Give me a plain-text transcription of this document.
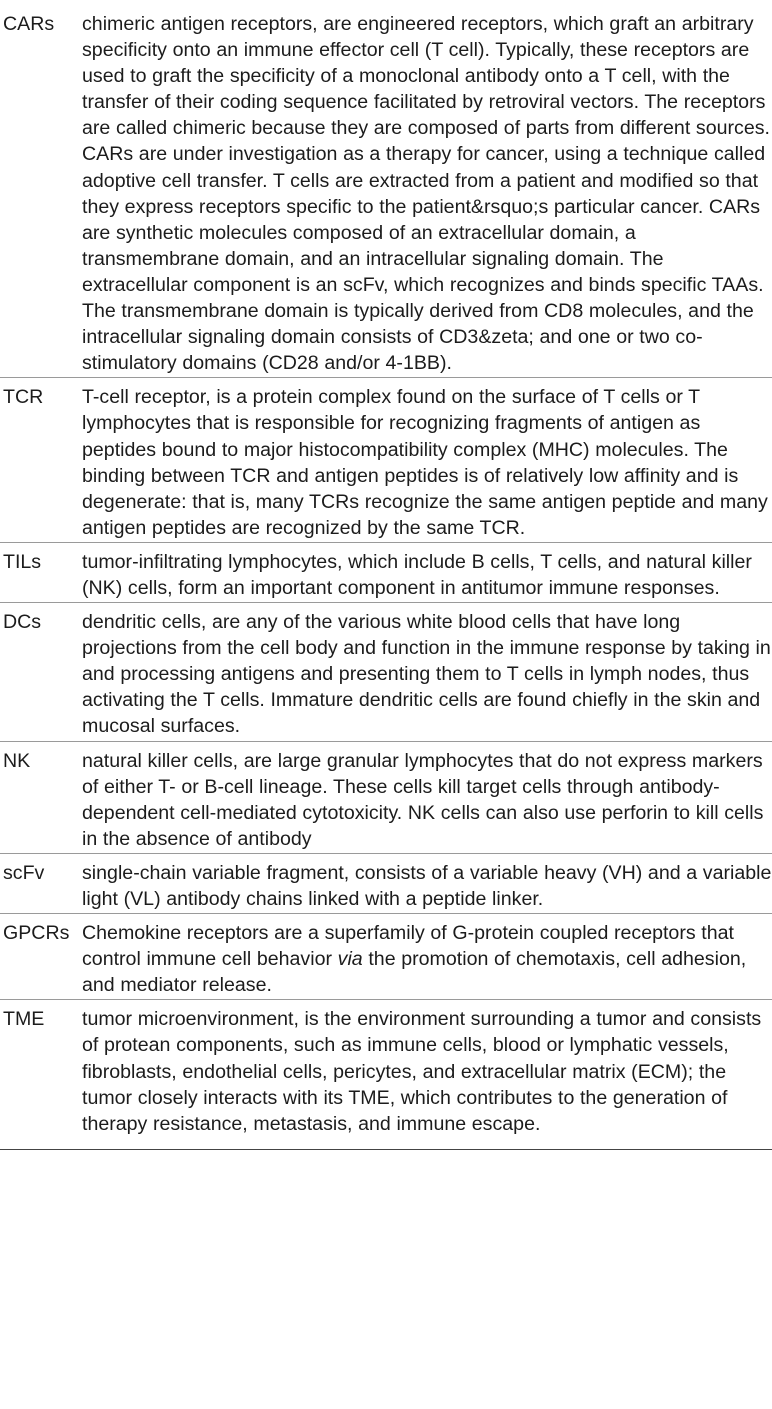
CARs	chimeric antigen receptors, are engineered receptors, which graft an arbitrary specificity onto an immune effector cell (T cell). Typically, these receptors are used to graft the specificity of a monoclonal antibody onto a T cell, with the transfer of their coding sequence facilitated by retroviral vectors. The receptors are called chimeric because they are composed of parts from different sources. CARs are under investigation as a therapy for cancer, using a technique called adoptive cell transfer. T cells are extracted from a patient and modified so that they express receptors specific to the patient&rsquo;s particular cancer. CARs are synthetic molecules composed of an extracellular domain, a transmembrane domain, and an intracellular signaling domain. The extracellular component is an scFv, which recognizes and binds specific TAAs. The transmembrane domain is typically derived from CD8 molecules, and the intracellular signaling domain consists of CD3&zeta; and one or two co-stimulatory domains (CD28 and/or 4-1BB).
TCR	T-cell receptor, is a protein complex found on the surface of T cells or T lymphocytes that is responsible for recognizing fragments of antigen as peptides bound to major histocompatibility complex (MHC) molecules. The binding between TCR and antigen peptides is of relatively low affinity and is degenerate: that is, many TCRs recognize the same antigen peptide and many antigen peptides are recognized by the same TCR.
TILs	tumor-infiltrating lymphocytes, which include B cells, T cells, and natural killer (NK) cells, form an important component in antitumor immune responses.
DCs	dendritic cells, are any of the various white blood cells that have long projections from the cell body and function in the immune response by taking in and processing antigens and presenting them to T cells in lymph nodes, thus activating the T cells. Immature dendritic cells are found chiefly in the skin and mucosal surfaces.
NK	natural killer cells, are large granular lymphocytes that do not express markers of either T- or B-cell lineage. These cells kill target cells through antibody-dependent cell-mediated cytotoxicity. NK cells can also use perforin to kill cells in the absence of antibody
scFv	single-chain variable fragment, consists of a variable heavy (VH) and a variable light (VL) antibody chains linked with a peptide linker.
GPCRs	Chemokine receptors are a superfamily of G-protein coupled receptors that control immune cell behavior via the promotion of chemotaxis, cell adhesion, and mediator release.
TME	tumor microenvironment, is the environment surrounding a tumor and consists of protean components, such as immune cells, blood or lymphatic vessels, fibroblasts, endothelial cells, pericytes, and extracellular matrix (ECM); the tumor closely interacts with its TME, which contributes to the generation of therapy resistance, metastasis, and immune escape.
